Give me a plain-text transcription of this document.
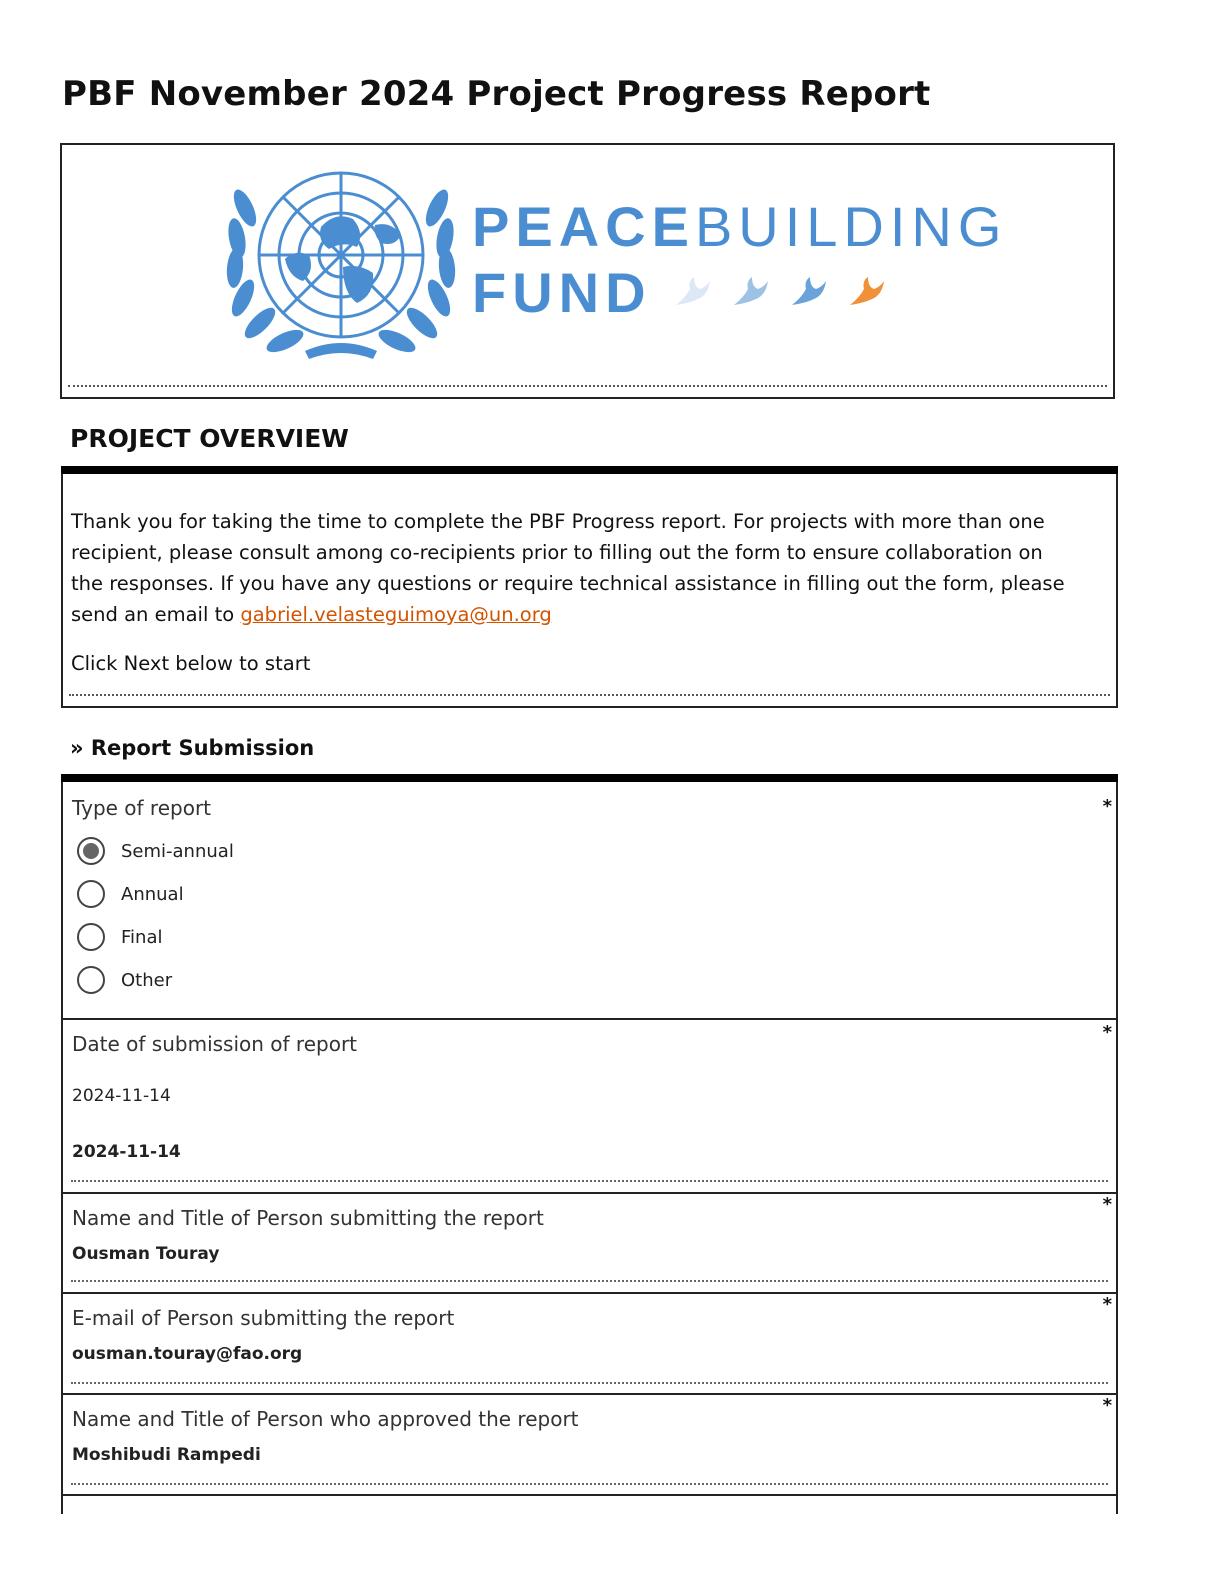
PBF November 2024 Project Progress Report
PEACEBUILDING
FUND
PROJECT OVERVIEW
Thank you for taking the time to complete the PBF Progress report. For projects with more than one recipient, please consult among co-recipients prior to filling out the form to ensure collaboration on the responses. If you have any questions or require technical assistance in filling out the form, please send an email to gabriel.velasteguimoya@un.org
Click Next below to start
» Report Submission
Type of report	*
Semi-annual
Annual
Final
Other
Date of submission of report	*
2024-11-14
2024-11-14
Name and Title of Person submitting the report
*
Ousman Touray
E-mail of Person submitting the report
*
ousman.touray@fao.org
Name and Title of Person who approved the report
*
Moshibudi Rampedi
